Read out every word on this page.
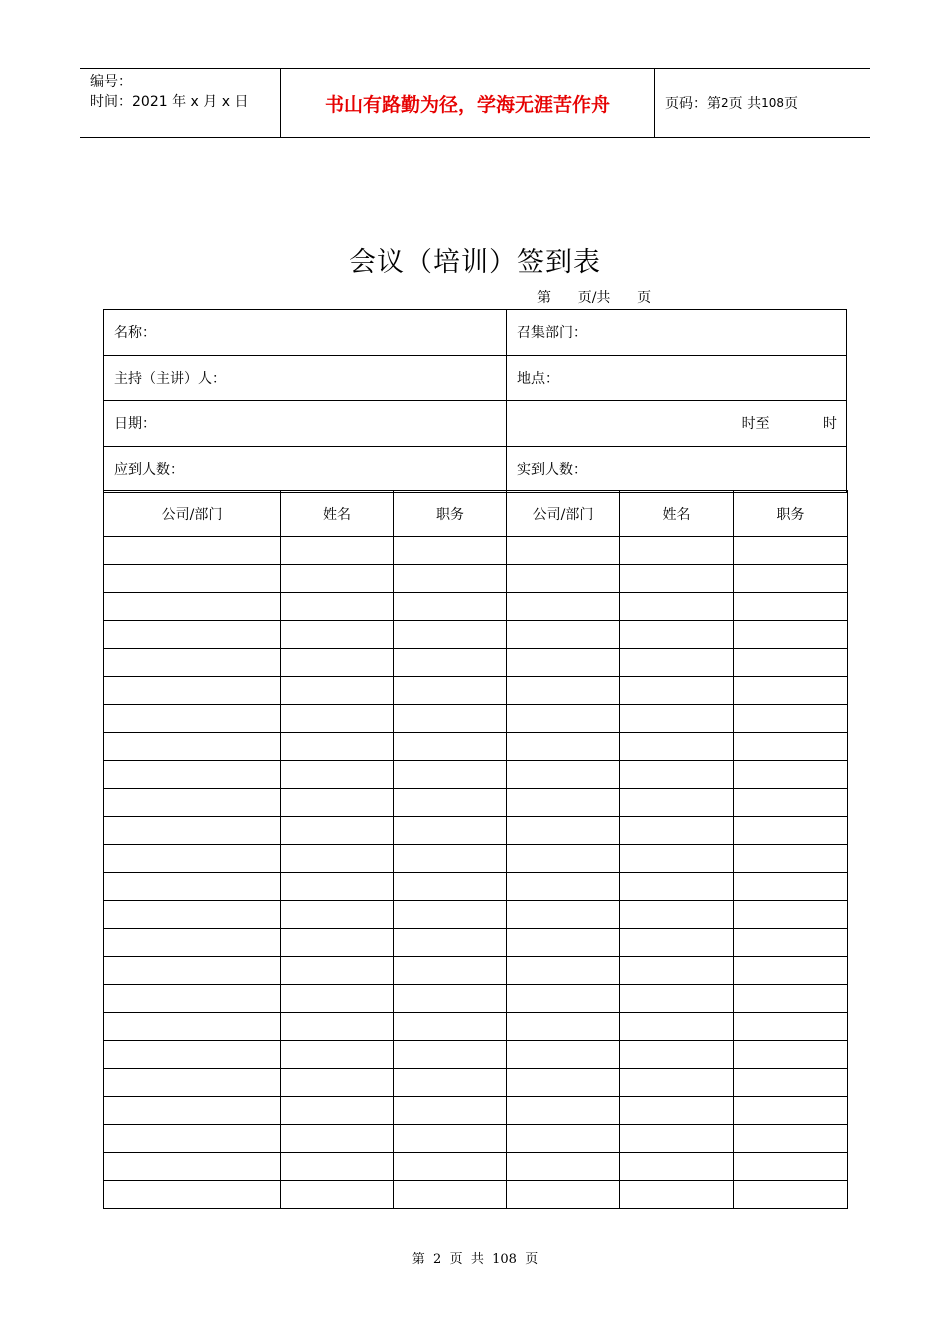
编号：
时间：2021 年 x 月 x 日	书山有路勤为径，学海无涯苦作舟	页码：第 2 页 共 108 页
会议（培训）签到表
第      页/共      页
名称：	召集部门：
主持（主讲）人：	地点：
日期：	时至            时
应到人数：	实到人数：
公司/部门	姓名	职务	公司/部门	姓名	职务

第  2  页  共  108  页
